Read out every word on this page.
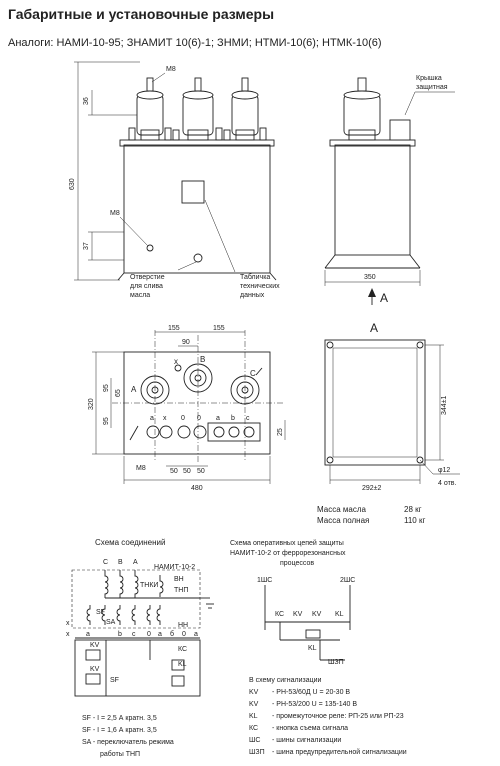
Габаритные и установочные размеры
Аналоги: НАМИ-10-95; ЗНАМИТ 10(6)-1; ЗНМИ; НТМИ-10(6); НТМК-10(6)
М8
36
630
М8
37
Отверстие
для слива
масла
Табличка
технических
данных
Крышка
защитная
350
А
155	155
90
320
95
65
95
25
480
50 50 50
М8
A
x	B
C
a x 0 0 a b c
А
344±1
292±2
φ12
4 отв.
Масса масла	28 кг
Масса полная	110 кг
Схема соединений
C B A
НАМИТ-10-2
ТНКИ
ВН
ТНП
НН
x a	b c 0 a б 0 a
KV
KV
SF
SF
SA
КС
KL
x
Схема оперативных цепей защиты
НАМИТ-10-2 от феррорезонансных
процессов
1ШС	2ШС
КС KV KV KL
KL
ШЗП
В схему сигнализации
KV - РН-53/60Д U = 20-30 В
KV - РН-53/200 U = 135-140 В
KL - промежуточное реле: РП-25 или РП-23
КС - кнопка съема сигнала
ШС - шины сигнализации
ШЗП - шина предупредительной сигнализации
SF - I = 2,5 А кратн. 3,5
SF - I = 1,6 А кратн. 3,5
SA - переключатель режима
работы ТНП
